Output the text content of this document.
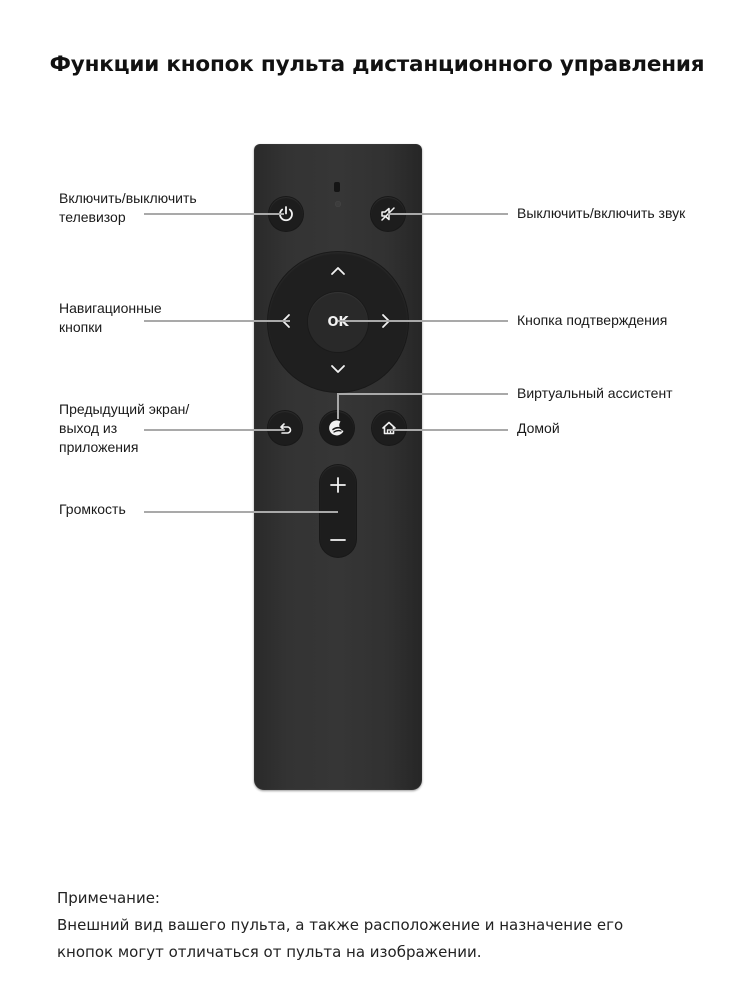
Функции кнопок пульта дистанционного управления
OK
Включить/выключить
телевизор
Навигационные
кнопки
Предыдущий экран/
выход из
приложения
Громкость
Выключить/включить звук
Кнопка подтверждения
Виртуальный ассистент
Домой
Примечание:
Внешний вид вашего пульта, а также расположение и назначение его
кнопок могут отличаться от пульта на изображении.
